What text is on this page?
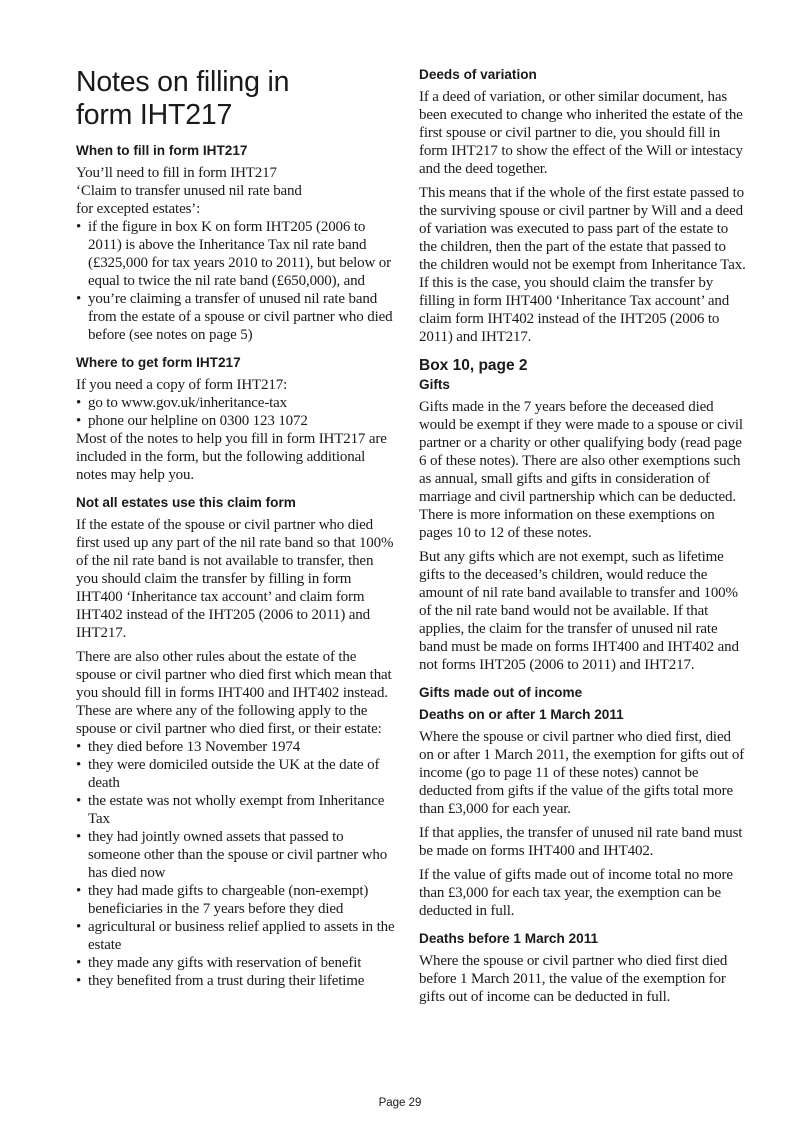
Notes on filling in
form IHT217
When to fill in form IHT217

You’ll need to fill in form IHT217
‘Claim to transfer unused nil rate band
for excepted estates’:

• if the figure in box K on form IHT205 (2006 to 2011) is above the Inheritance Tax nil rate band (£325,000 for tax years 2010 to 2011), but below or equal to twice the nil rate band (£650,000), and
• you’re claiming a transfer of unused nil rate band from the estate of a spouse or civil partner who died before (see notes on page 5)
Where to get form IHT217

If you need a copy of form IHT217:

• go to www.gov.uk/inheritance-tax
• phone our helpline on 0300 123 1072

Most of the notes to help you fill in form IHT217 are included in the form, but the following additional notes may help you.

Not all estates use this claim form

If the estate of the spouse or civil partner who died first used up any part of the nil rate band so that 100% of the nil rate band is not available to transfer, then you should claim the transfer by filling in form IHT400 ‘Inheritance tax account’ and claim form IHT402 instead of the IHT205 (2006 to 2011) and IHT217.

There are also other rules about the estate of the spouse or civil partner who died first which mean that you should fill in forms IHT400 and IHT402 instead. These are where any of the following apply to the spouse or civil partner who died first, or their estate:

• they died before 13 November 1974
• they were domiciled outside the UK at the date of death
• the estate was not wholly exempt from Inheritance Tax
• they had jointly owned assets that passed to someone other than the spouse or civil partner who has died now
• they had made gifts to chargeable (non-exempt) beneficiaries in the 7 years before they died
• agricultural or business relief applied to assets in the estate
• they made any gifts with reservation of benefit
• they benefited from a trust during their lifetime
Deeds of variation

If a deed of variation, or other similar document, has been executed to change who inherited the estate of the first spouse or civil partner to die, you should fill in form IHT217 to show the effect of the Will or intestacy and the deed together.

This means that if the whole of the first estate passed to the surviving spouse or civil partner by Will and a deed of variation was executed to pass part of the estate to the children, then the part of the estate that passed to the children would not be exempt from Inheritance Tax. If this is the case, you should claim the transfer by filling in form IHT400 ‘Inheritance Tax account’ and claim form IHT402 instead of the IHT205 (2006 to 2011) and IHT217.

Box 10, page 2
Gifts

Gifts made in the 7 years before the deceased died would be exempt if they were made to a spouse or civil partner or a charity or other qualifying body (read page 6 of these notes). There are also other exemptions such as annual, small gifts and gifts in consideration of marriage and civil partnership which can be deducted. There is more information on these exemptions on pages 10 to 12 of these notes.

But any gifts which are not exempt, such as lifetime gifts to the deceased’s children, would reduce the amount of nil rate band available to transfer and 100% of the nil rate band would not be available. If that applies, the claim for the transfer of unused nil rate band must be made on forms IHT400 and IHT402 and not forms IHT205 (2006 to 2011) and IHT217.

Gifts made out of income
Deaths on or after 1 March 2011

Where the spouse or civil partner who died first, died on or after 1 March 2011, the exemption for gifts out of income (go to page 11 of these notes) cannot be deducted from gifts if the value of the gifts total more than £3,000 for each year.

If that applies, the transfer of unused nil rate band must be made on forms IHT400 and IHT402.

If the value of gifts made out of income total no more than £3,000 for each tax year, the exemption can be deducted in full.

Deaths before 1 March 2011

Where the spouse or civil partner who died first died before 1 March 2011, the value of the exemption for gifts out of income can be deducted in full.

Page 29
